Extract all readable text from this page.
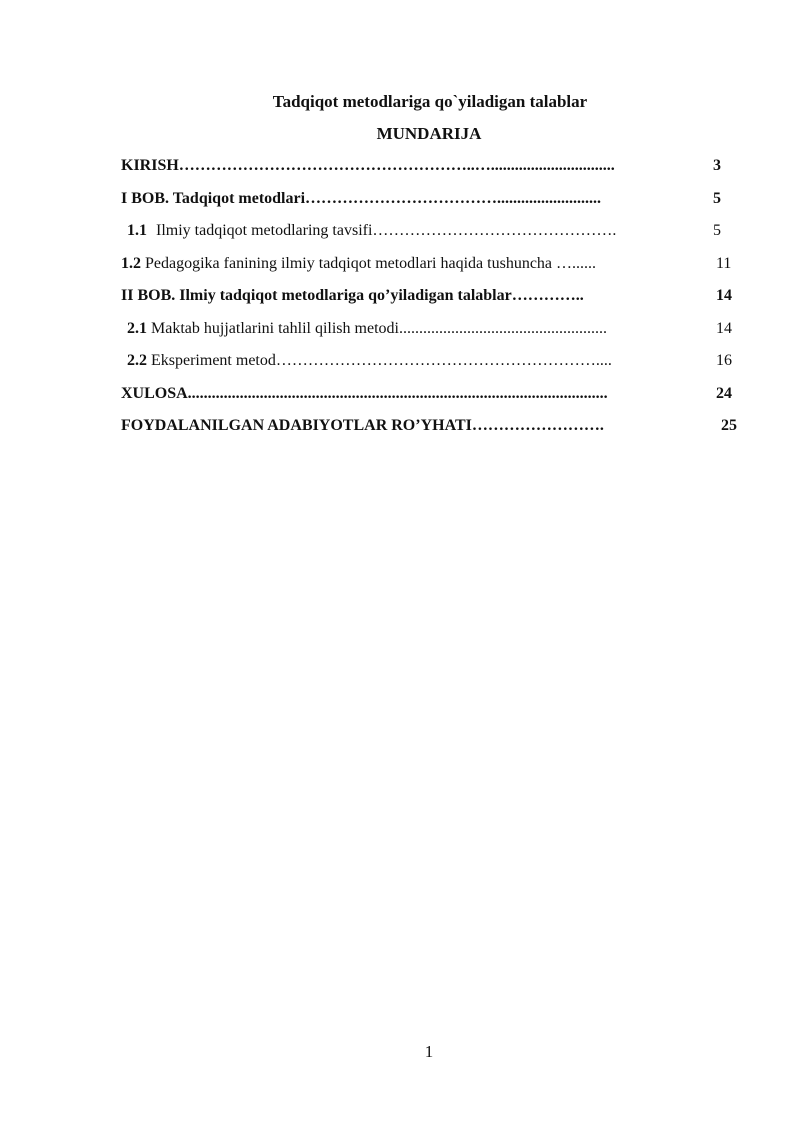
Tadqiqot metodlariga qo`yiladigan talablar
MUNDARIJA
KIRISH………………………………………………..…...............................	3
I BOB. Tadqiqot metodlari………………………………..........................	5
1.1 Ilmiy tadqiqot metodlaring tavsifi……………………………………….	5
1.2 Pedagogika fanining ilmiy tadqiqot metodlari haqida tushuncha …......	11
II BOB. Ilmiy tadqiqot metodlariga qo’yiladigan talablar…………..	14
2.1 Maktab hujjatlarini tahlil qilish metodi....................................................	14
2.2 Eksperiment metod……………………………………………………....	16
XULOSA.........................................................................................................	24
FOYDALANILGAN ADABIYOTLAR RO’YHATI…………………….	25
1
